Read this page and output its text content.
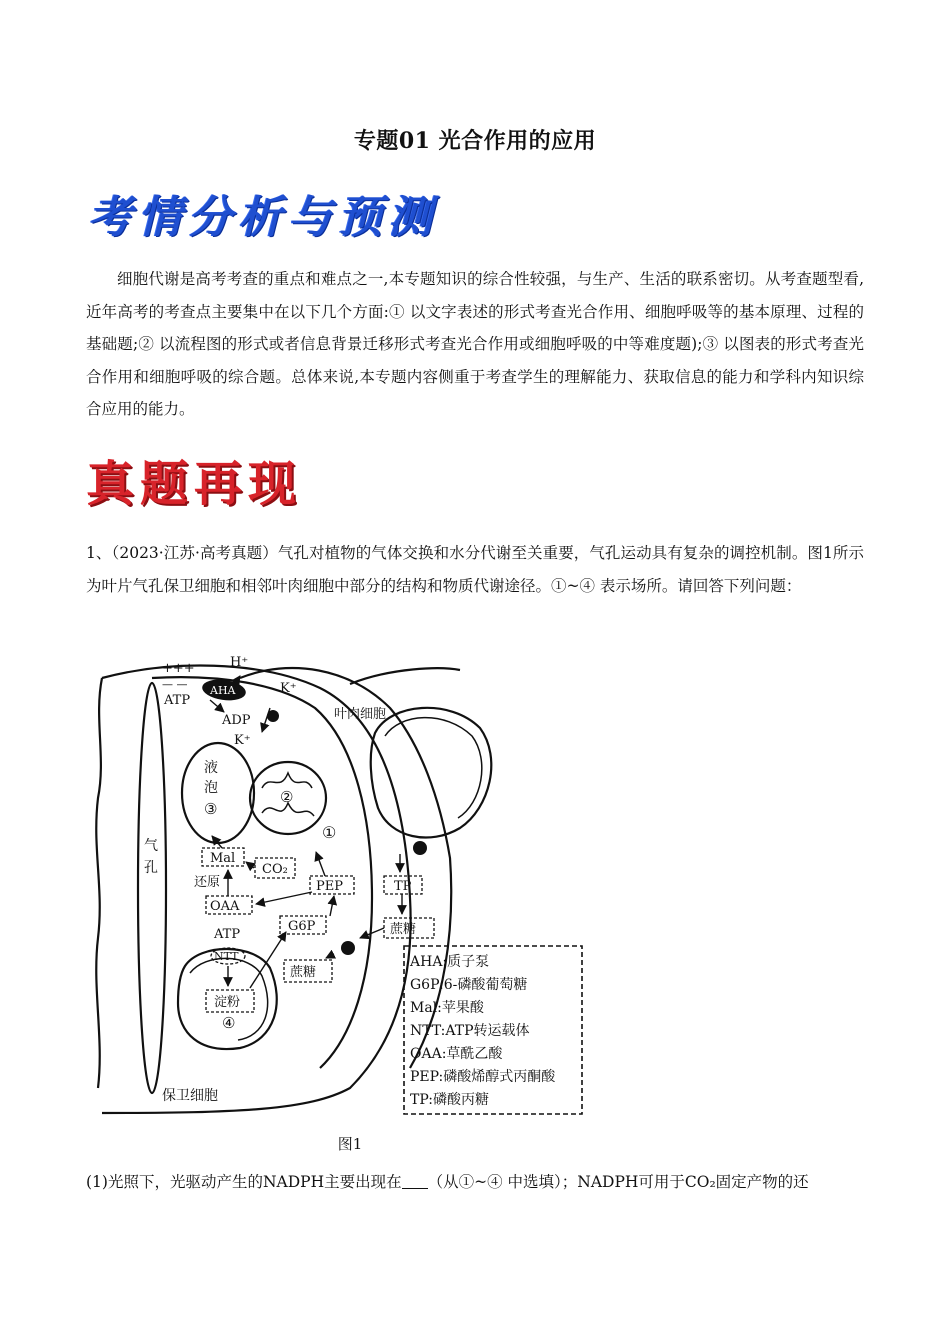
专题01 光合作用的应用
考情分析与预测

细胞代谢是高考考查的重点和难点之一,本专题知识的综合性较强，与生产、生活的联系密切。从考查题型看,近年高考的考查点主要集中在以下几个方面:① 以文字表述的形式考查光合作用、细胞呼吸等的基本原理、过程的基础题;② 以流程图的形式或者信息背景迁移形式考查光合作用或细胞呼吸的中等难度题);③ 以图表的形式考查光合作用和细胞呼吸的综合题。总体来说,本专题内容侧重于考查学生的理解能力、获取信息的能力和学科内知识综合应用的能力。

真题再现

1、（2023·江苏·高考真题）气孔对植物的气体交换和水分代谢至关重要，气孔运动具有复杂的调控机制。图1所示为叶片气孔保卫细胞和相邻叶肉细胞中部分的结构和物质代谢途径。①~④ 表示场所。请回答下列问题：

+++
— —
H⁺
AHA
ATP
ADP
K⁺
K⁺
叶肉细胞
液
泡
③
②
①
气
孔
Mal
CO₂
还原	PEP
OAA
TP
G6P	蔗糖
ATP
NTT
蔗糖
淀粉
④
保卫细胞
AHA:质子泵
G6P:6-磷酸葡萄糖
Mal:苹果酸
NTT:ATP转运载体
OAA:草酰乙酸
PEP:磷酸烯醇式丙酮酸
TP:磷酸丙糖
图1

(1)光照下，光驱动产生的NADPH主要出现在 （从①~④ 中选填）；NADPH可用于CO₂固定产物的还
